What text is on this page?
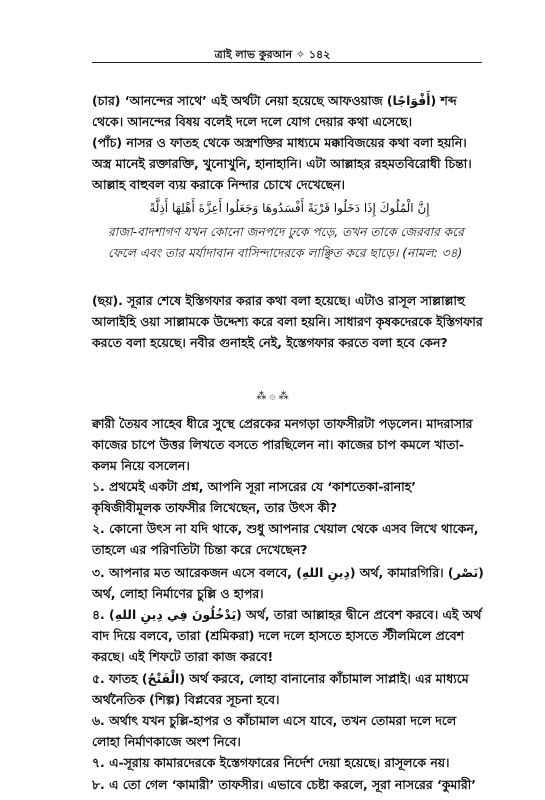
ত্রাই লাভ কুরআন ✧ ১৪২
(চার) ‘আনন্দের সাথে’ এই অর্থটা নেয়া হয়েছে আফওয়াজ (أَفْوَاجًا) শব্দ থেকে। আনন্দের বিষয় বলেই দলে দলে যোগ দেয়ার কথা এসেছে।
(পাঁচ) নাসর ও ফাতহ থেকে অস্ত্রশক্তির মাধ্যমে মক্কাবিজয়ের কথা বলা হয়নি। অস্ত্র মানেই রক্তারক্তি, খুনোখুনি, হানাহানি। এটা আল্লাহর রহমতবিরোধী চিন্তা। আল্লাহ বাহুবল ব্যয় করাকে নিন্দার চোখে দেখেছেন।
إِنَّ الْمُلُوكَ إِذَا دَخَلُوا قَرْيَةً أَفْسَدُوهَا وَجَعَلُوا أَعِزَّةَ أَهْلِهَا أَذِلَّةً
রাজা-বাদশাগণ যখন কোনো জনপদে ঢুকে পড়ে, তখন তাকে জেরবার করে ফেলে এবং তার মর্যাদাবান বাসিন্দাদেরকে লাঞ্ছিত করে ছাড়ে। (নামল: ৩৪)
(ছয়). সূরার শেষে ইস্তিগফার করার কথা বলা হয়েছে। এটাও রাসূল সাল্লাল্লাহু আলাইহি ওয়া সাল্লামকে উদ্দেশ্য করে বলা হয়নি। সাধারণ কৃষকদেরকে ইস্তিগফার করতে বলা হয়েছে। নবীর গুনাহই নেই, ইস্তেগফার করতে বলা হবে কেন?
⁂ ۞ ⁂
ক্বারী তৈয়ব সাহেব ধীরে সুস্থে প্রেরকের মনগড়া তাফসীরটা পড়লেন। মাদরাসার কাজের চাপে উত্তর লিখতে বসতে পারছিলেন না। কাজের চাপ কমলে খাতা-কলম নিয়ে বসলেন।
১. প্রথমেই একটা প্রশ্ন, আপনি সূরা নাসরের যে ‘কাশতেকা-রানাহ’ কৃষিজীবীমূলক তাফসীর লিখেছেন, তার উৎস কী?
২. কোনো উৎস না যদি থাকে, শুধু আপনার খেয়াল থেকে এসব লিখে থাকেন, তাহলে এর পরিণতিটা চিন্তা করে দেখেছেন?
৩. আপনার মত আরেকজন এসে বলবে, (دِينِ اللهِ) অর্থ, কামারগিরি। (نَصْر) অর্থ, লোহা নির্মাণের চুল্লি ও হাপর।
৪. (يَدْخُلُونَ فِي دِينِ اللهِ) অর্থ, তারা আল্লাহর দ্বীনে প্রবেশ করবে। এই অর্থ বাদ দিয়ে বলবে, তারা (শ্রমিকরা) দলে দলে হাসতে হাসতে স্টীলমিলে প্রবেশ করছে। এই শিফটে তারা কাজ করবে!
৫. ফাতহ (الْفَتْحُ) অর্থ করবে, লোহা বানানোর কাঁচামাল সাপ্লাই। এর মাধ্যমে অর্থনৈতিক (শিল্প) বিপ্লবের সূচনা হবে।
৬. অর্থাৎ যখন চুল্লি-হাপর ও কাঁচামাল এসে যাবে, তখন তোমরা দলে দলে লোহা নির্মাণকাজে অংশ নিবে।
৭. এ-সূরায় কামারদেরকে ইস্তেগফারের নির্দেশ দেয়া হয়েছে। রাসূলকে নয়।
৮. এ তো গেল ‘কামারী’ তাফসীর। এভাবে চেষ্টা করলে, সূরা নাসরের ‘কুমারী’
